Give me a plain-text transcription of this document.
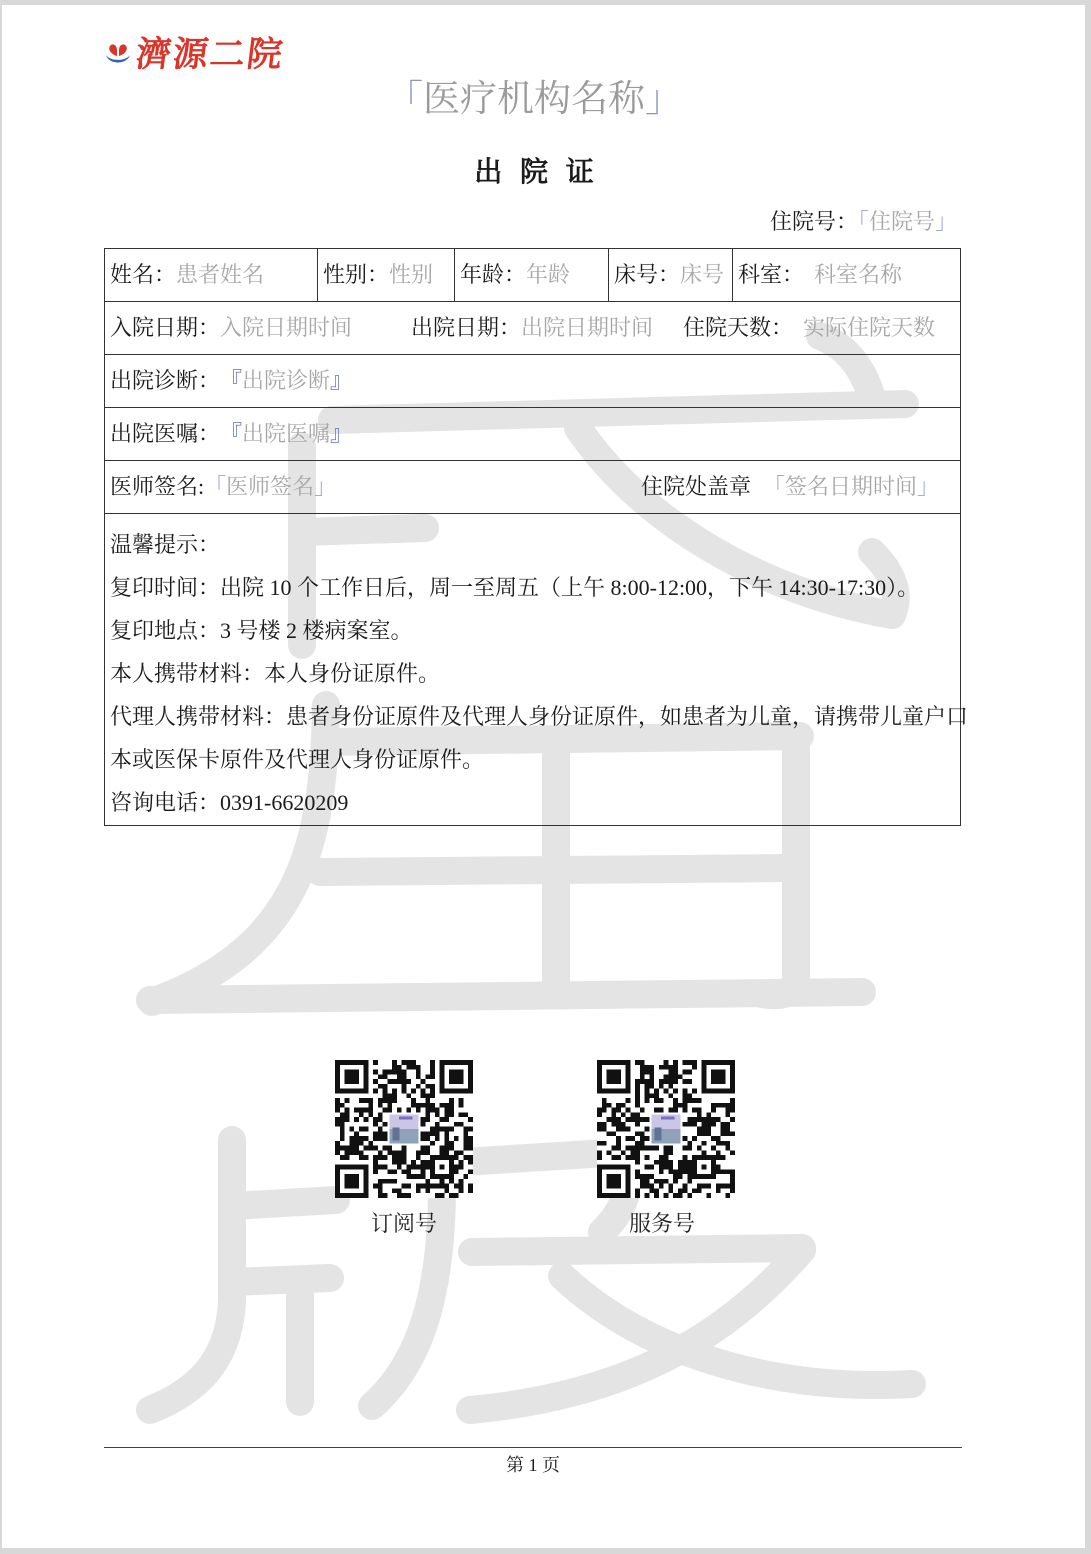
濟源二院
「医疗机构名称」
出 院 证
住院号：「住院号」
姓名： 患者姓名	性别： 性别 年龄： 年龄 床号： 床号 科室： 科室名称
入院日期： 入院日期时间	出院日期： 出院日期时间 住院天数： 实际住院天数
出院诊断： 『 出院诊断 』
出院医嘱： 『 出院医嘱 』
医师签名: 「 医师签名 」	住院处盖章 「 签名日期时间 」
温馨提示：
复印时间：出院 10 个工作日后，周一至周五（上午 8:00-12:00，下午 14:30-17:30）。
复印地点：3 号楼 2 楼病案室。
本人携带材料：本人身份证原件。
代理人携带材料：患者身份证原件及代理人身份证原件，如患者为儿童，请携带儿童户口
本或医保卡原件及代理人身份证原件。
咨询电话：0391-6620209
订阅号	服务号
第 1 页
